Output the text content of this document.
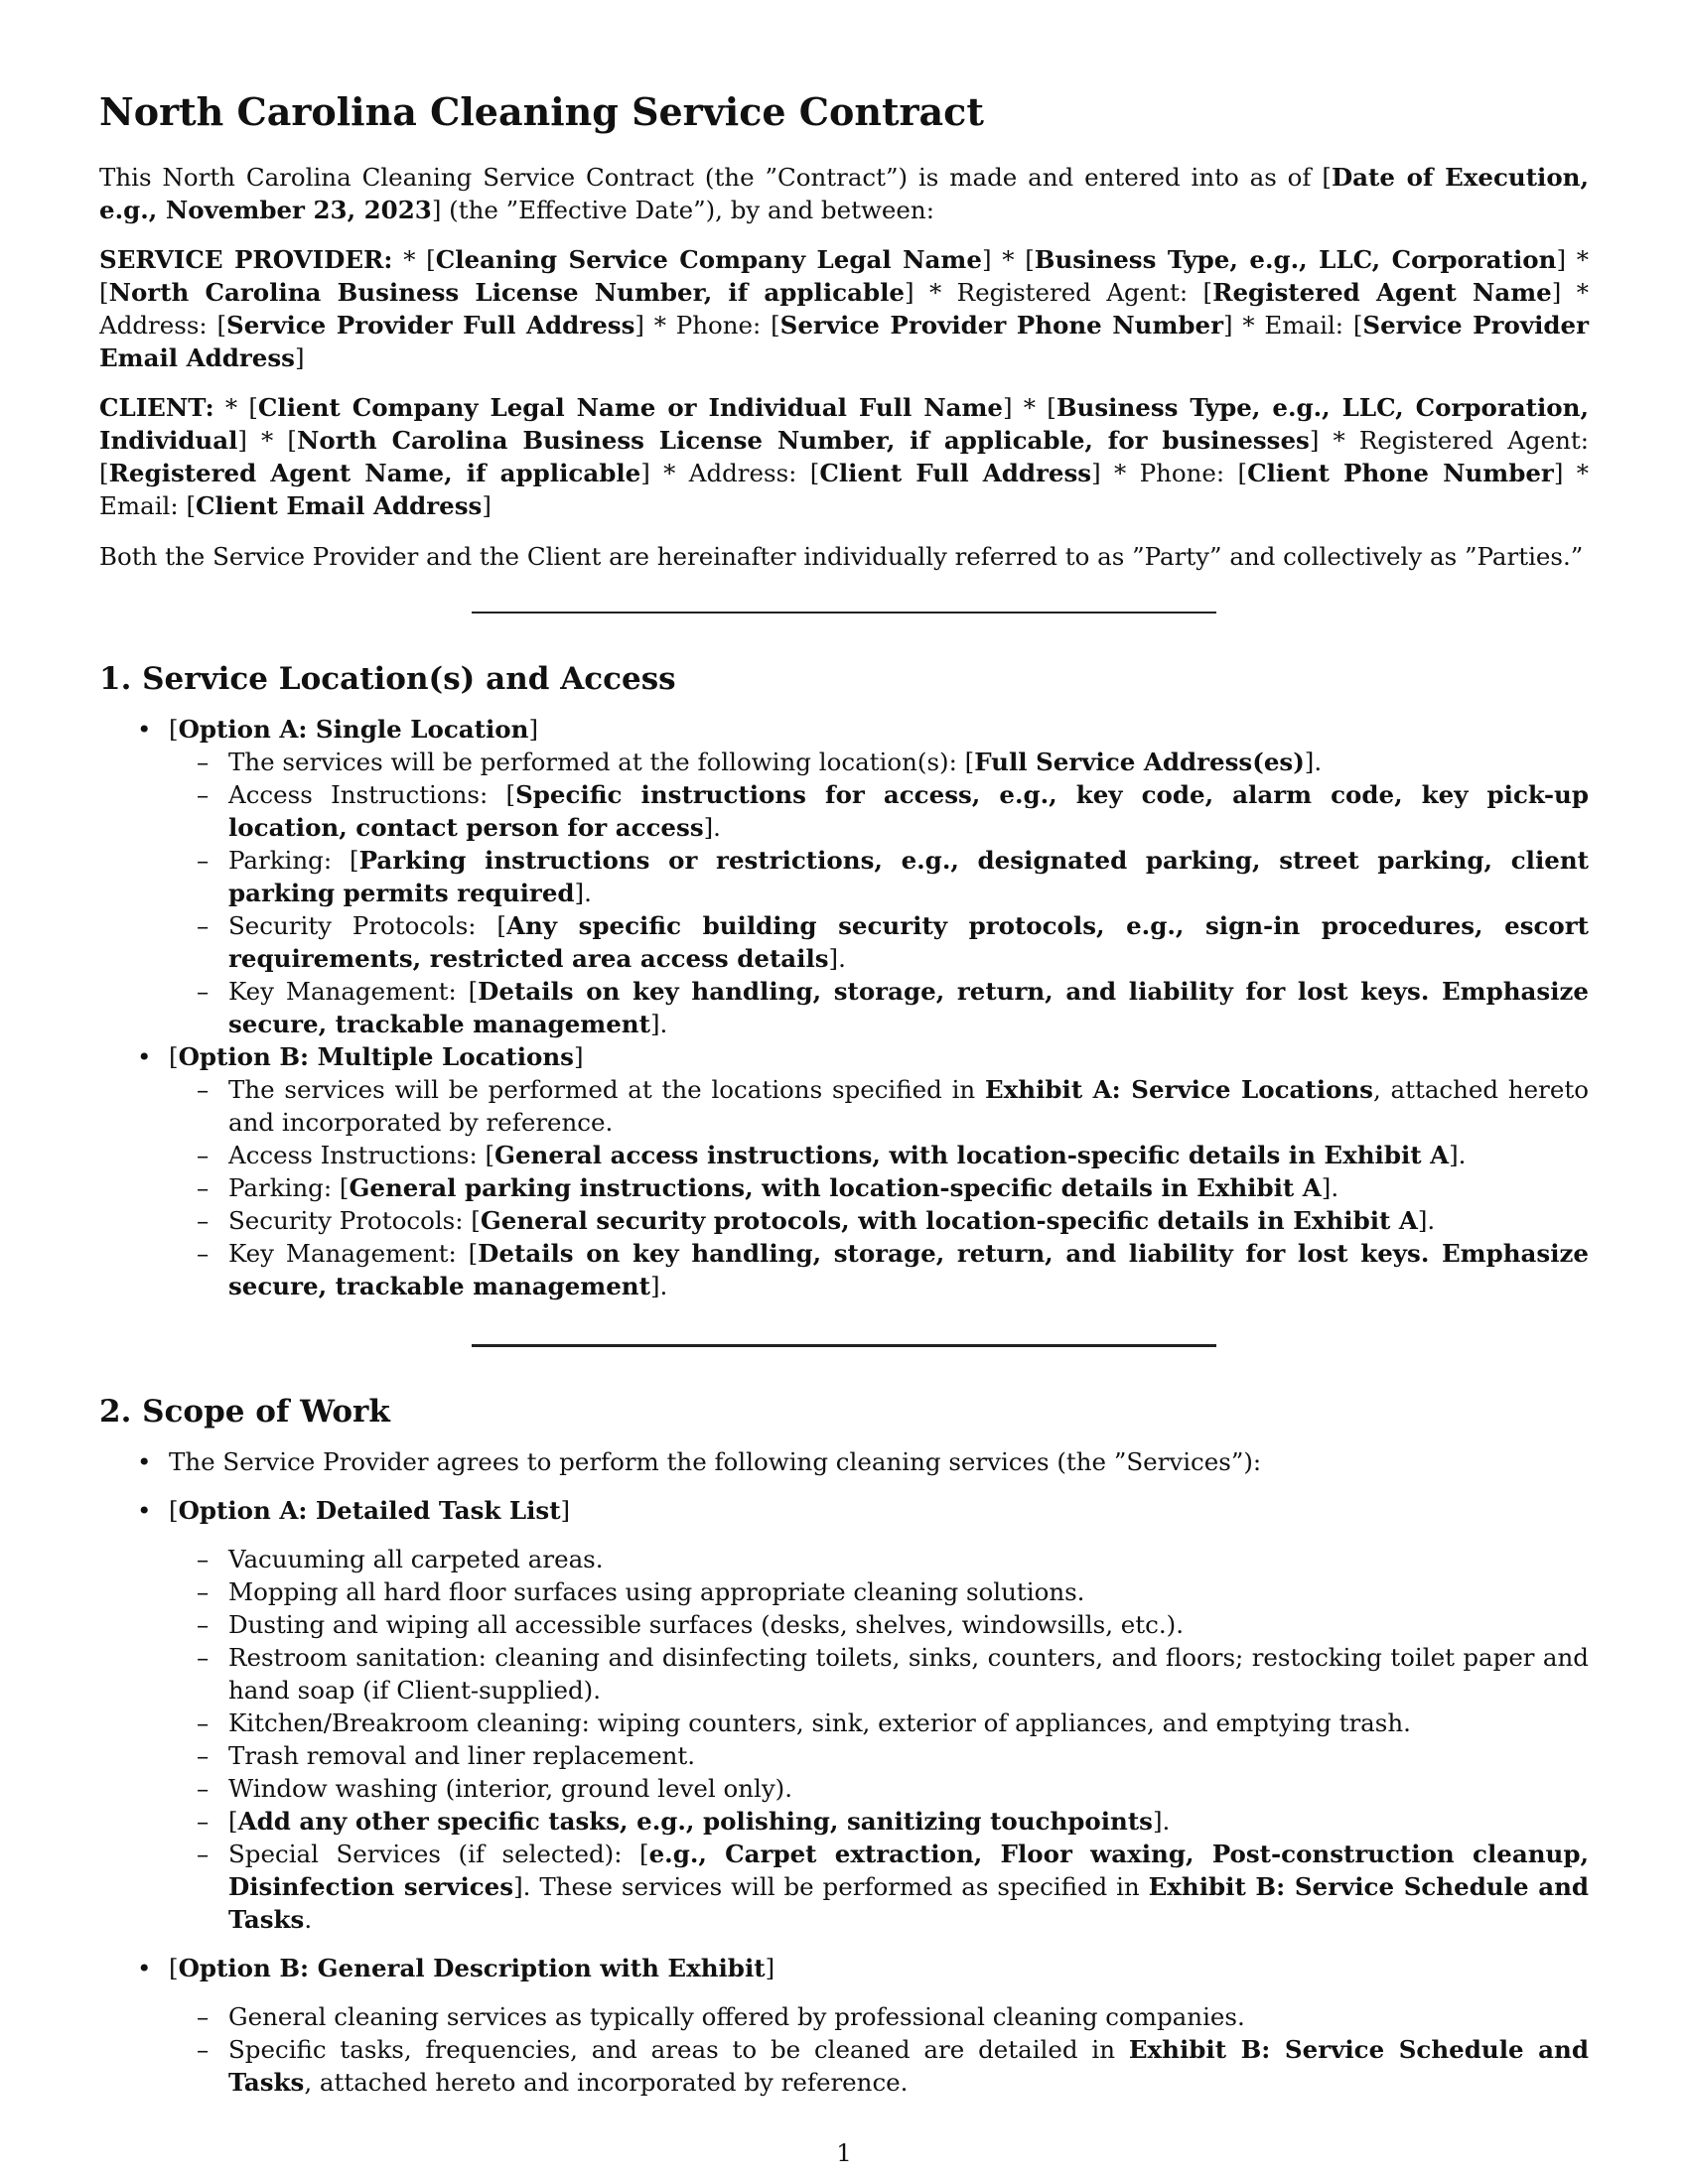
North Carolina Cleaning Service Contract

This North Carolina Cleaning Service Contract (the ”Contract”) is made and entered into as of [Date of Execution, e.g., November 23, 2023] (the ”Effective Date”), by and between:

SERVICE PROVIDER: * [Cleaning Service Company Legal Name] * [Business Type, e.g., LLC, Corporation] * [North Carolina Business License Number, if applicable] * Registered Agent: [Registered Agent Name] * Address: [Service Provider Full Address] * Phone: [Service Provider Phone Number] * Email: [Service Provider Email Address]

CLIENT: * [Client Company Legal Name or Individual Full Name] * [Business Type, e.g., LLC, Corporation, Individual] * [North Carolina Business License Number, if applicable, for businesses] * Registered Agent: [Registered Agent Name, if applicable] * Address: [Client Full Address] * Phone: [Client Phone Number] * Email: [Client Email Address]

Both the Service Provider and the Client are hereinafter individually referred to as ”Party” and collectively as ”Parties.”

1. Service Location(s) and Access
• [Option A: Single Location]
– The services will be performed at the following location(s): [Full Service Address(es)].
– Access Instructions: [Specific instructions for access, e.g., key code, alarm code, key pick-up location, contact person for access].
– Parking: [Parking instructions or restrictions, e.g., designated parking, street parking, client parking permits required].
– Security Protocols: [Any specific building security protocols, e.g., sign-in procedures, escort requirements, restricted area access details].
– Key Management: [Details on key handling, storage, return, and liability for lost keys. Emphasize secure, trackable management].
• [Option B: Multiple Locations]
– The services will be performed at the locations specified in Exhibit A: Service Locations, attached hereto and incorporated by reference.
– Access Instructions: [General access instructions, with location-specific details in Exhibit A].
– Parking: [General parking instructions, with location-specific details in Exhibit A].
– Security Protocols: [General security protocols, with location-specific details in Exhibit A].
– Key Management: [Details on key handling, storage, return, and liability for lost keys. Emphasize secure, trackable management].
2. Scope of Work
• The Service Provider agrees to perform the following cleaning services (the ”Services”):
• [Option A: Detailed Task List]
– Vacuuming all carpeted areas.
– Mopping all hard floor surfaces using appropriate cleaning solutions.
– Dusting and wiping all accessible surfaces (desks, shelves, windowsills, etc.).
– Restroom sanitation: cleaning and disinfecting toilets, sinks, counters, and floors; restocking toilet paper and hand soap (if Client-supplied).
– Kitchen/Breakroom cleaning: wiping counters, sink, exterior of appliances, and emptying trash.
– Trash removal and liner replacement.
– Window washing (interior, ground level only).
– [Add any other specific tasks, e.g., polishing, sanitizing touchpoints].
– Special Services (if selected): [e.g., Carpet extraction, Floor waxing, Post-construction cleanup, Disinfection services]. These services will be performed as specified in Exhibit B: Service Schedule and Tasks.
• [Option B: General Description with Exhibit]
– General cleaning services as typically offered by professional cleaning companies.
– Specific tasks, frequencies, and areas to be cleaned are detailed in Exhibit B: Service Schedule and Tasks, attached hereto and incorporated by reference.
1
